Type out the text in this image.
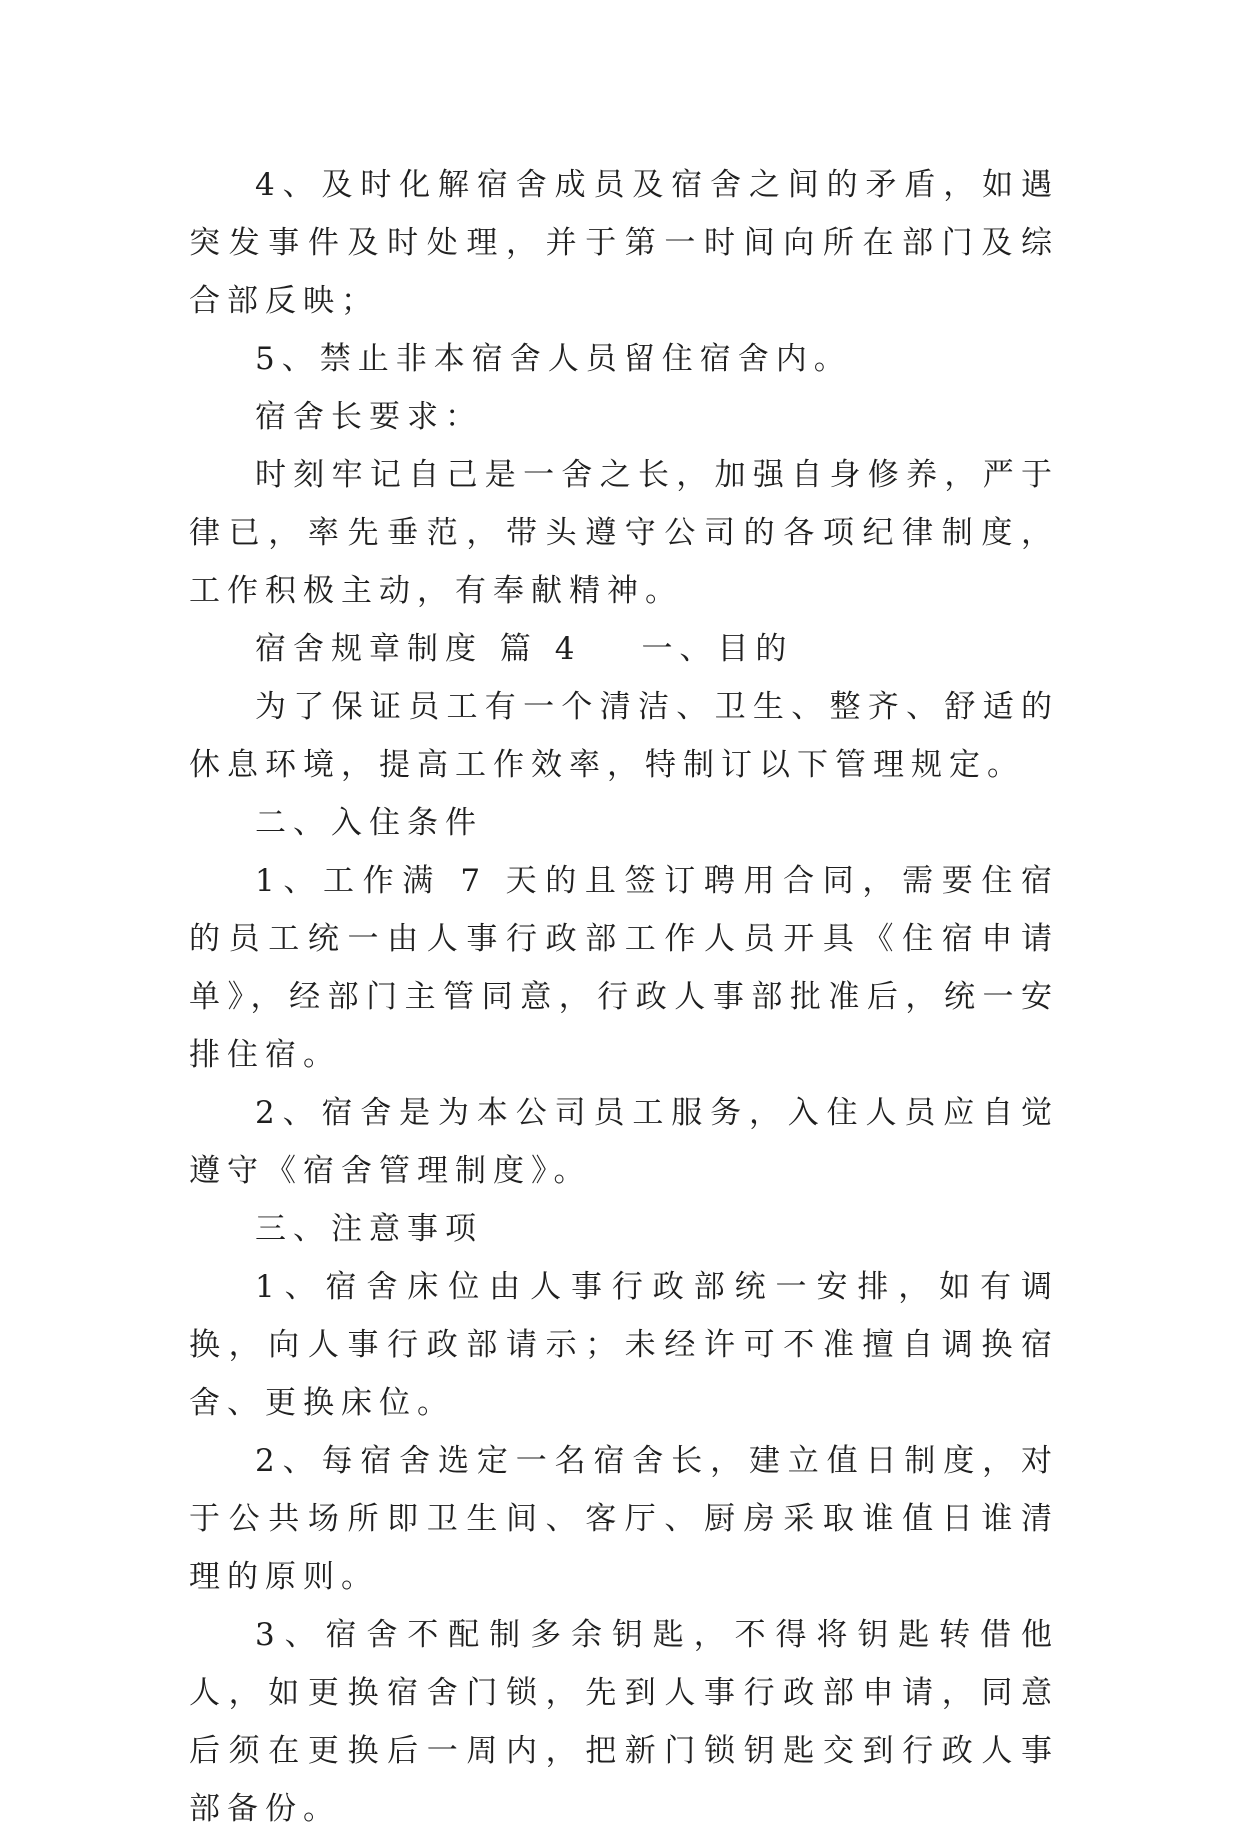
4、及时化解宿舍成员及宿舍之间的矛盾，如遇突发事件及时处理，并于第一时间向所在部门及综合部反映；

5、禁止非本宿舍人员留住宿舍内。

宿舍长要求：

时刻牢记自己是一舍之长，加强自身修养，严于律已，率先垂范，带头遵守公司的各项纪律制度，工作积极主动，有奉献精神。

宿舍规章制度 篇 4 一、目的

为了保证员工有一个清洁、卫生、整齐、舒适的休息环境，提高工作效率，特制订以下管理规定。

二、入住条件

1、工作满 7 天的且签订聘用合同，需要住宿的员工统一由人事行政部工作人员开具《住宿申请单》，经部门主管同意，行政人事部批准后，统一安排住宿。

2、宿舍是为本公司员工服务，入住人员应自觉遵守《宿舍管理制度》。

三、注意事项

1、宿舍床位由人事行政部统一安排，如有调换，向人事行政部请示；未经许可不准擅自调换宿舍、更换床位。

2、每宿舍选定一名宿舍长，建立值日制度，对于公共场所即卫生间、客厅、厨房采取谁值日谁清理的原则。

3、宿舍不配制多余钥匙，不得将钥匙转借他人，如更换宿舍门锁，先到人事行政部申请，同意后须在更换后一周内，把新门锁钥匙交到行政人事部备份。
